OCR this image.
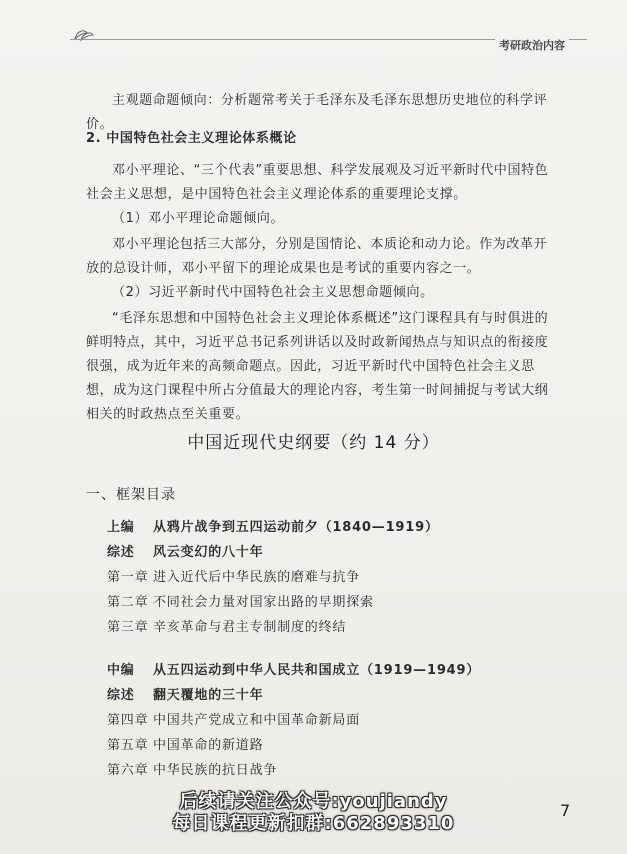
考研政治内容
主观题命题倾向：分析题常考关于毛泽东及毛泽东思想历史地位的科学评价。
2. 中国特色社会主义理论体系概论
邓小平理论、“三个代表”重要思想、科学发展观及习近平新时代中国特色社会主义思想，是中国特色社会主义理论体系的重要理论支撑。
（1）邓小平理论命题倾向。
邓小平理论包括三大部分，分别是国情论、本质论和动力论。作为改革开放的总设计师，邓小平留下的理论成果也是考试的重要内容之一。
（2）习近平新时代中国特色社会主义思想命题倾向。
“毛泽东思想和中国特色社会主义理论体系概述”这门课程具有与时俱进的鲜明特点，其中，习近平总书记系列讲话以及时政新闻热点与知识点的衔接度很强，成为近年来的高频命题点。因此，习近平新时代中国特色社会主义思想，成为这门课程中所占分值最大的理论内容，考生第一时间捕捉与考试大纲相关的时政热点至关重要。
中国近现代史纲要（约 14 分）
一、框架目录
上编 从鸦片战争到五四运动前夕（1840—1919）
综述 风云变幻的八十年
第一章 进入近代后中华民族的磨难与抗争
第二章 不同社会力量对国家出路的早期探索
第三章 辛亥革命与君主专制制度的终结
中编 从五四运动到中华人民共和国成立（1919—1949）
综述 翻天覆地的三十年
第四章 中国共产党成立和中国革命新局面
第五章 中国革命的新道路
第六章 中华民族的抗日战争
后续请关注公众号:youjiandy
每日课程更新扣群:662893310
7
